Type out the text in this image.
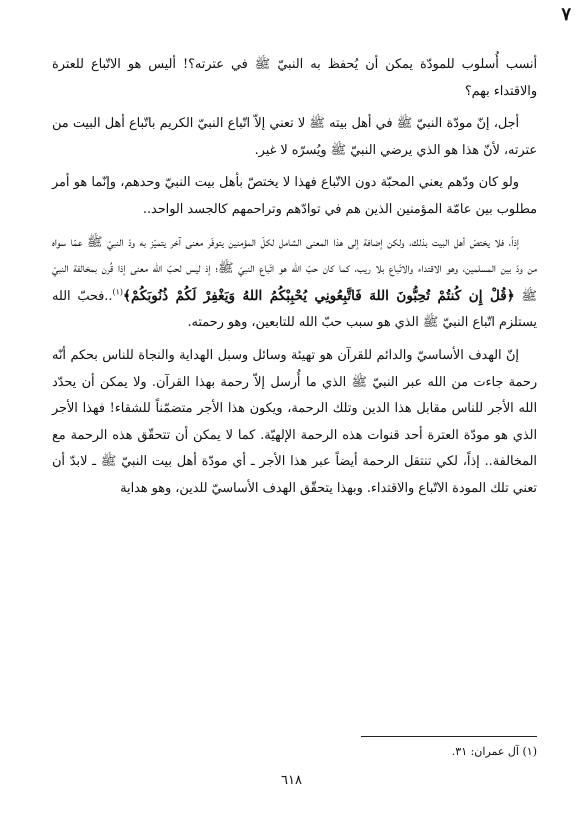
٧

أنسب أُسلوب للمودّة يمكن أن يُحفظ به النبيّ ﷺ في عترته؟! أليس هو الاتّباع للعترة والاقتداء بهم؟

أجل، إنّ مودّة النبيّ ﷺ في أهل بيته ﷺ لا تعني إلاّ اتّباع النبيّ الكريم باتّباع أهل البيت من عترته، لأنّ هذا هو الذي يرضي النبيّ ﷺ ويُسرّه لا غير.

ولو كان ودّهم يعني المحبّة دون الاتّباع فهذا لا يختصّ بأهل بيت النبيّ وحدهم، وإنّما هو أمر مطلوب بين عامّة المؤمنين الذين هم في توادّهم وتراحمهم كالجسد الواحد..

إذاً، فلا يختصّ أهل البيت بذلك، ولكن إضافة إلى هذا المعنى الشامل لكلّ المؤمنين يتوفّر معنى آخر يتميّز به ودّ النبيّ ﷺ عمّا سواه من ودّ بين المسلمين، وهو الاقتداء والاتّباع بلا ريب، كما كان حبّ الله هو اتّباع النبيّ ﷺ؛ إذ ليس لحبّ الله معنى إذا قُرن بمخالفة النبيّ ﷺ ﴿قُلْ إِن كُنتُمْ تُحِبُّونَ اللهَ فَاتَّبِعُونِي يُحْبِبْكُمُ اللهُ وَيَغْفِرْ لَكُمْ ذُنُوبَكُمْ﴾$^{(١)}$..فحبّ الله يستلزم اتّباع النبيّ ﷺ الذي هو سبب حبّ الله للتابعين، وهو رحمته.

إنّ الهدف الأساسيّ والدائم للقرآن هو تهيئة وسائل وسبل الهداية والنجاة للناس بحكم أنّه رحمة جاءت من الله عبر النبيّ ﷺ الذي ما أُرسل إلاّ رحمة بهذا القرآن. ولا يمكن أن يحدّد الله الأجر للناس مقابل هذا الدين وتلك الرحمة، ويكون هذا الأجر متضمّناً للشقاء! فهذا الأجر الذي هو مودّة العترة أحد قنوات هذه الرحمة الإلهيّة. كما لا يمكن أن تتحقّق هذه الرحمة مع المخالفة.. إذاً، لكي تنتقل الرحمة أيضاً عبر هذا الأجر ـ أي مودّة أهل بيت النبيّ ﷺ ـ لابدّ أن تعني تلك المودة الاتّباع والاقتداء. وبهذا يتحقّق الهدف الأساسيّ للدين، وهو هداية

(١) آل عمران: ٣١.
٦١٨
